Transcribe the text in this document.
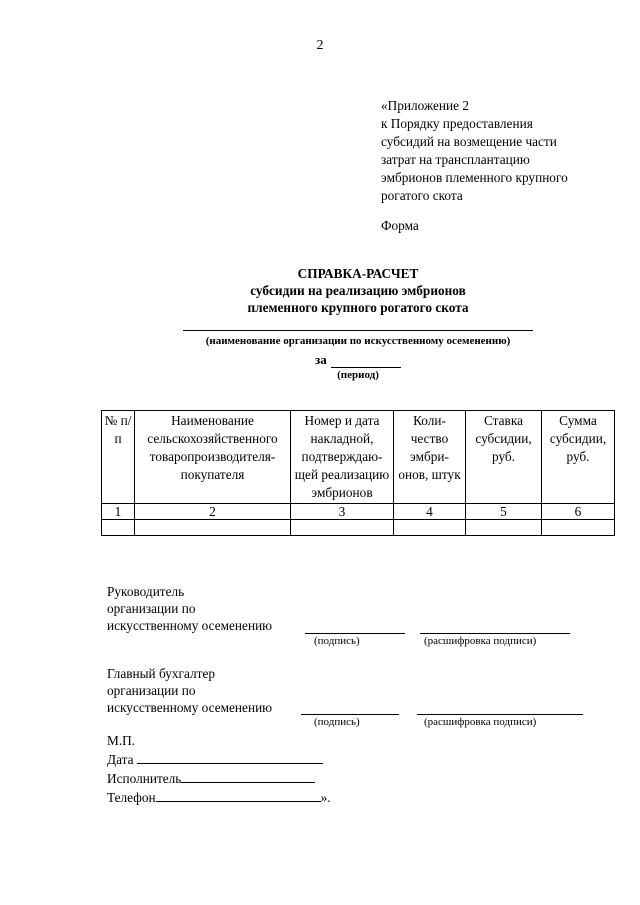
2
«Приложение 2
к Порядку предоставления
субсидий на возмещение части
затрат на трансплантацию
эмбрионов племенного крупного
рогатого скота
Форма
СПРАВКА-РАСЧЕТ
субсидии на реализацию эмбрионов
племенного крупного рогатого скота
(наименование организации по искусственному осеменению)
за
(период)
№ п/п	Наименование сельскохозяйственного товаропроизводителя-покупателя	Номер и дата накладной, подтверждаю-щей реализацию эмбрионов	Коли-чество эмбри-онов, штук	Ставка субсидии, руб.	Сумма субсидии, руб.
1	2	3	4	5	6

Руководитель
организации по
искусственному осеменению
(подпись)	(расшифровка подписи)
Главный бухгалтер
организации по
искусственному осеменению
(подпись)	(расшифровка подписи)
М.П.
Дата
Исполнитель
Телефон	».
